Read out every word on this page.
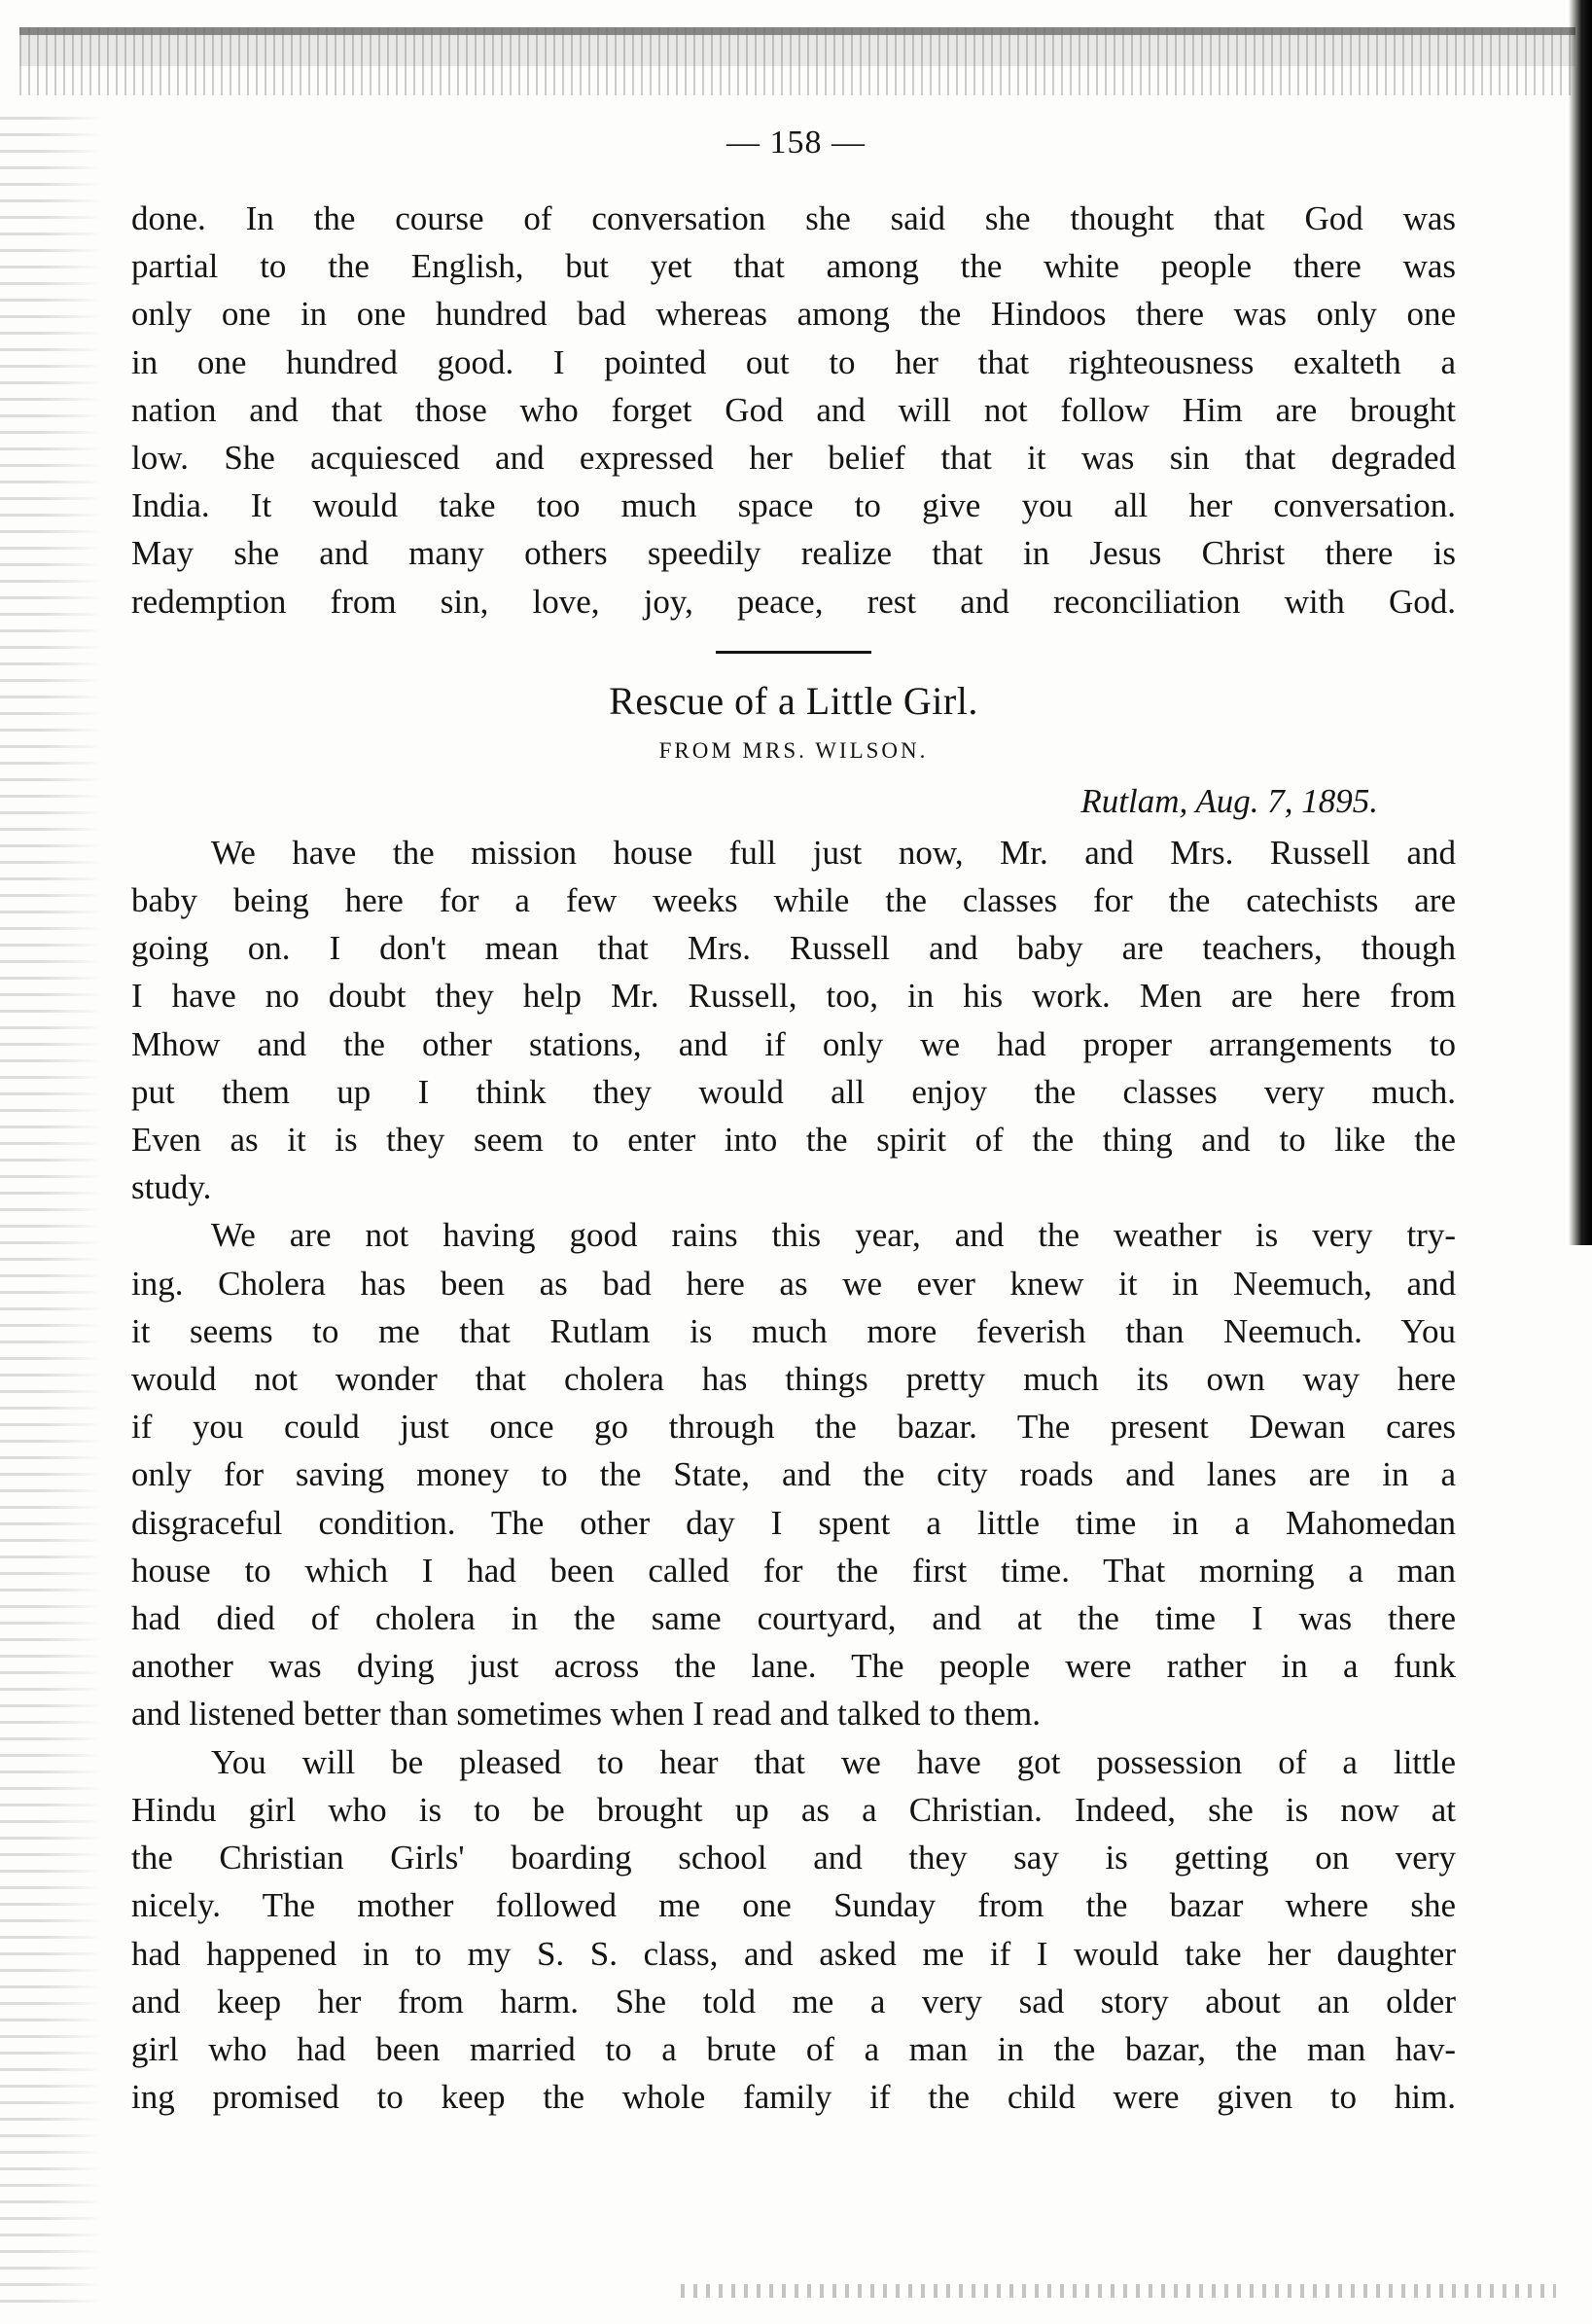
— 158 —

done. In the course of conversation she said she thought that God was
partial to the English, but yet that among the white people there was
only one in one hundred bad whereas among the Hindoos there was only one
in one hundred good. I pointed out to her that righteousness exalteth a
nation and that those who forget God and will not follow Him are brought
low. She acquiesced and expressed her belief that it was sin that degraded
India. It would take too much space to give you all her conversation.
May she and many others speedily realize that in Jesus Christ there is
redemption from sin, love, joy, peace, rest and reconciliation with God.

Rescue of a Little Girl.
FROM MRS. WILSON.
Rutlam, Aug. 7, 1895.

We have the mission house full just now, Mr. and Mrs. Russell and
baby being here for a few weeks while the classes for the catechists are
going on. I don't mean that Mrs. Russell and baby are teachers, though
I have no doubt they help Mr. Russell, too, in his work. Men are here from
Mhow and the other stations, and if only we had proper arrangements to
put them up I think they would all enjoy the classes very much.
Even as it is they seem to enter into the spirit of the thing and to like the
study.

We are not having good rains this year, and the weather is very try-
ing. Cholera has been as bad here as we ever knew it in Neemuch, and
it seems to me that Rutlam is much more feverish than Neemuch. You
would not wonder that cholera has things pretty much its own way here
if you could just once go through the bazar. The present Dewan cares
only for saving money to the State, and the city roads and lanes are in a
disgraceful condition. The other day I spent a little time in a Mahomedan
house to which I had been called for the first time. That morning a man
had died of cholera in the same courtyard, and at the time I was there
another was dying just across the lane. The people were rather in a funk
and listened better than sometimes when I read and talked to them.

You will be pleased to hear that we have got possession of a little
Hindu girl who is to be brought up as a Christian. Indeed, she is now at
the Christian Girls' boarding school and they say is getting on very
nicely. The mother followed me one Sunday from the bazar where she
had happened in to my S. S. class, and asked me if I would take her daughter
and keep her from harm. She told me a very sad story about an older
girl who had been married to a brute of a man in the bazar, the man hav-
ing promised to keep the whole family if the child were given to him.
